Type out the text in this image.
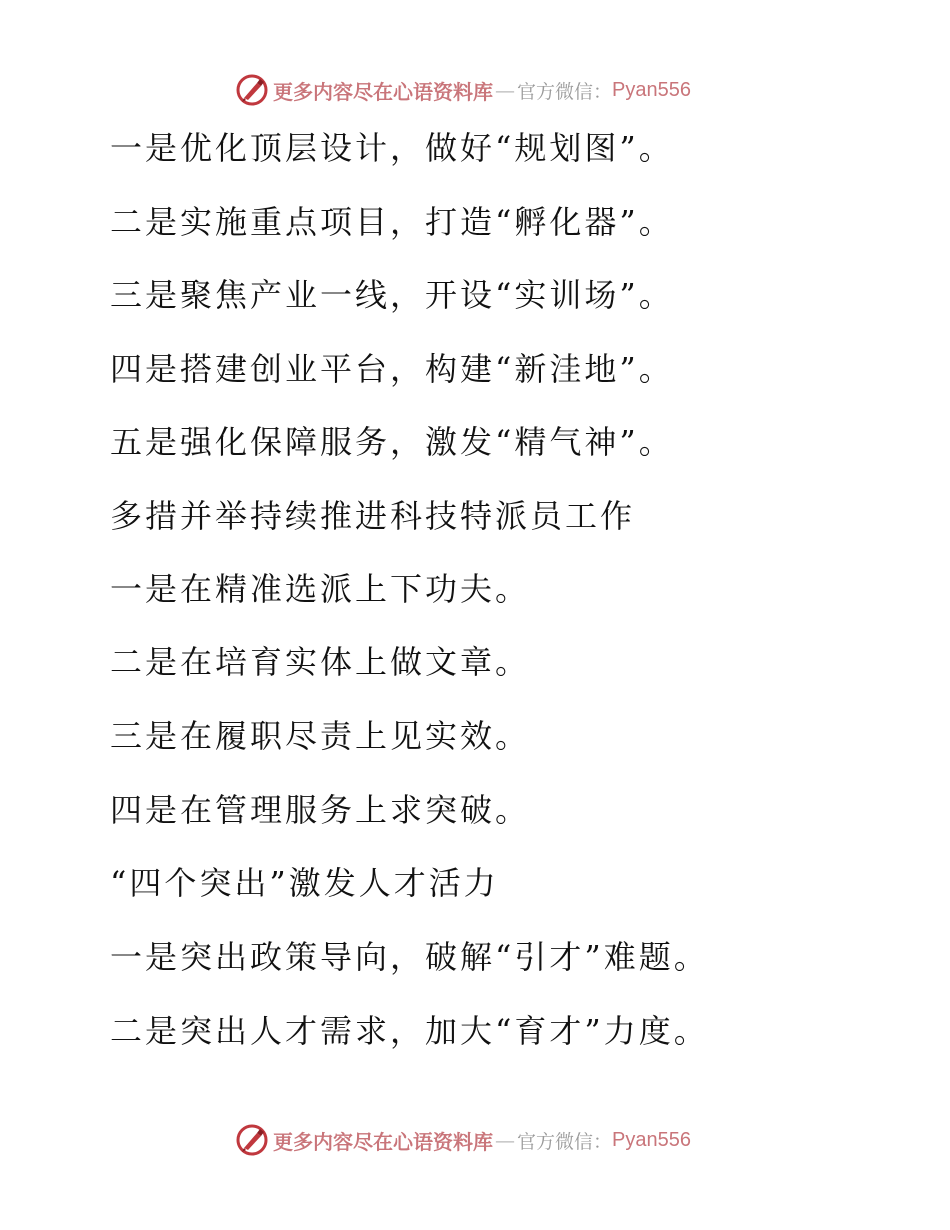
更多内容尽在心语资料库 — 官方微信： Pyan556
一是优化顶层设计，做好“规划图”。
二是实施重点项目，打造“孵化器”。
三是聚焦产业一线，开设“实训场”。
四是搭建创业平台，构建“新洼地”。
五是强化保障服务，激发“精气神”。
多措并举持续推进科技特派员工作
一是在精准选派上下功夫。
二是在培育实体上做文章。
三是在履职尽责上见实效。
四是在管理服务上求突破。
“四个突出”激发人才活力
一是突出政策导向，破解“引才”难题。
二是突出人才需求，加大“育才”力度。
更多内容尽在心语资料库 — 官方微信： Pyan556
